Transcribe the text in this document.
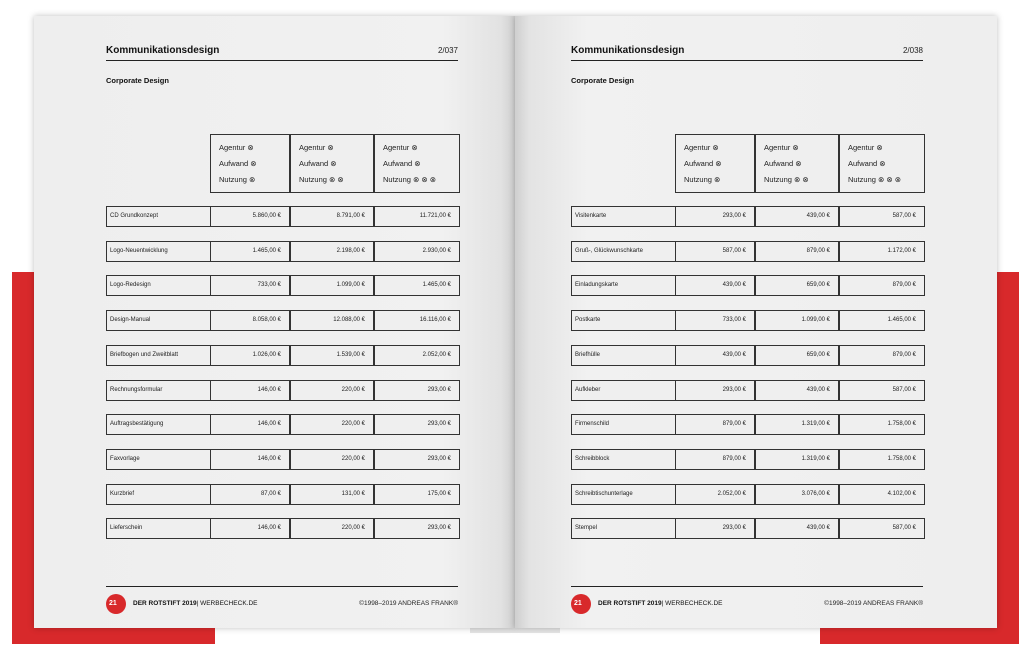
Kommunikationsdesign	2/037
Corporate Design
Agentur ⊗
Aufwand ⊗
Nutzung ⊗
Agentur ⊗
Aufwand ⊗
Nutzung ⊗ ⊗
Agentur ⊗
Aufwand ⊗
Nutzung ⊗ ⊗ ⊗
CD Grundkonzept	5.860,00 €	8.791,00 €	11.721,00 €
Logo-Neuentwicklung	1.465,00 €	2.198,00 €	2.930,00 €
Logo-Redesign	733,00 €	1.099,00 €	1.465,00 €
Design-Manual	8.058,00 €	12.088,00 €	16.116,00 €
Briefbogen und Zweitblatt	1.026,00 €	1.539,00 €	2.052,00 €
Rechnungsformular	146,00 €	220,00 €	293,00 €
Auftragsbestätigung	146,00 €	220,00 €	293,00 €
Faxvorlage	146,00 €	220,00 €	293,00 €
Kurzbrief	87,00 €	131,00 €	175,00 €
Lieferschein	146,00 €	220,00 €	293,00 €
21 DER ROTSTIFT 2019| WERBECHECK.DE	©1998–2019 ANDREAS FRANK®
Kommunikationsdesign	2/038
Corporate Design
Agentur ⊗
Aufwand ⊗
Nutzung ⊗
Agentur ⊗
Aufwand ⊗
Nutzung ⊗ ⊗
Agentur ⊗
Aufwand ⊗
Nutzung ⊗ ⊗ ⊗
Visitenkarte	293,00 €	439,00 €	587,00 €
Gruß-, Glückwunschkarte	587,00 €	879,00 €	1.172,00 €
Einladungskarte	439,00 €	659,00 €	879,00 €
Postkarte	733,00 €	1.099,00 €	1.465,00 €
Briefhülle	439,00 €	659,00 €	879,00 €
Aufkleber	293,00 €	439,00 €	587,00 €
Firmenschild	879,00 €	1.319,00 €	1.758,00 €
Schreibblock	879,00 €	1.319,00 €	1.758,00 €
Schreibtischunterlage	2.052,00 €	3.076,00 €	4.102,00 €
Stempel	293,00 €	439,00 €	587,00 €
21 DER ROTSTIFT 2019| WERBECHECK.DE	©1998–2019 ANDREAS FRANK®
